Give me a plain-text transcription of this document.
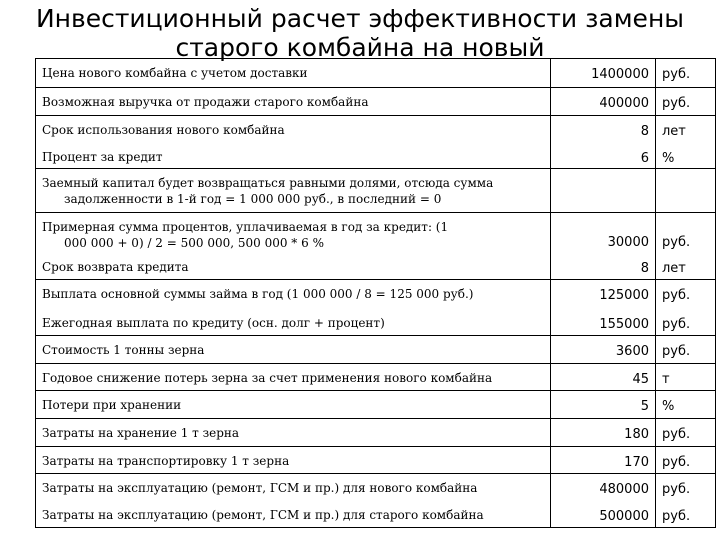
Инвестиционный расчет эффективности замены
старого комбайна на новый
Цена нового комбайна с учетом доставки	1400000	руб.
Возможная выручка от продажи старого комбайна	400000	руб.
Срок использования нового комбайна	8	лет
Процент за кредит	6	%

Заемный капитал будет возвращаться равными долями, отсюда сумма
задолженности в 1-й год = 1 000 000 руб., в последний = 0		

Примерная сумма процентов, уплачиваемая в год за кредит: (1
000 000 + 0) / 2 = 500 000, 500 000 * 6 %	30000	руб.
Срок возврата кредита	8	лет
Выплата основной суммы займа в год (1 000 000 / 8 = 125 000 руб.)	125000	руб.
Ежегодная выплата по кредиту (осн. долг + процент)	155000	руб.
Стоимость 1 тонны зерна	3600	руб.
Годовое снижение потерь зерна за счет применения нового комбайна	45	т
Потери при хранении	5	%
Затраты на хранение 1 т зерна	180	руб.
Затраты на транспортировку 1 т зерна	170	руб.
Затраты на эксплуатацию (ремонт, ГСМ и пр.) для нового комбайна	480000	руб.
Затраты на эксплуатацию (ремонт, ГСМ и пр.) для старого комбайна	500000	руб.
